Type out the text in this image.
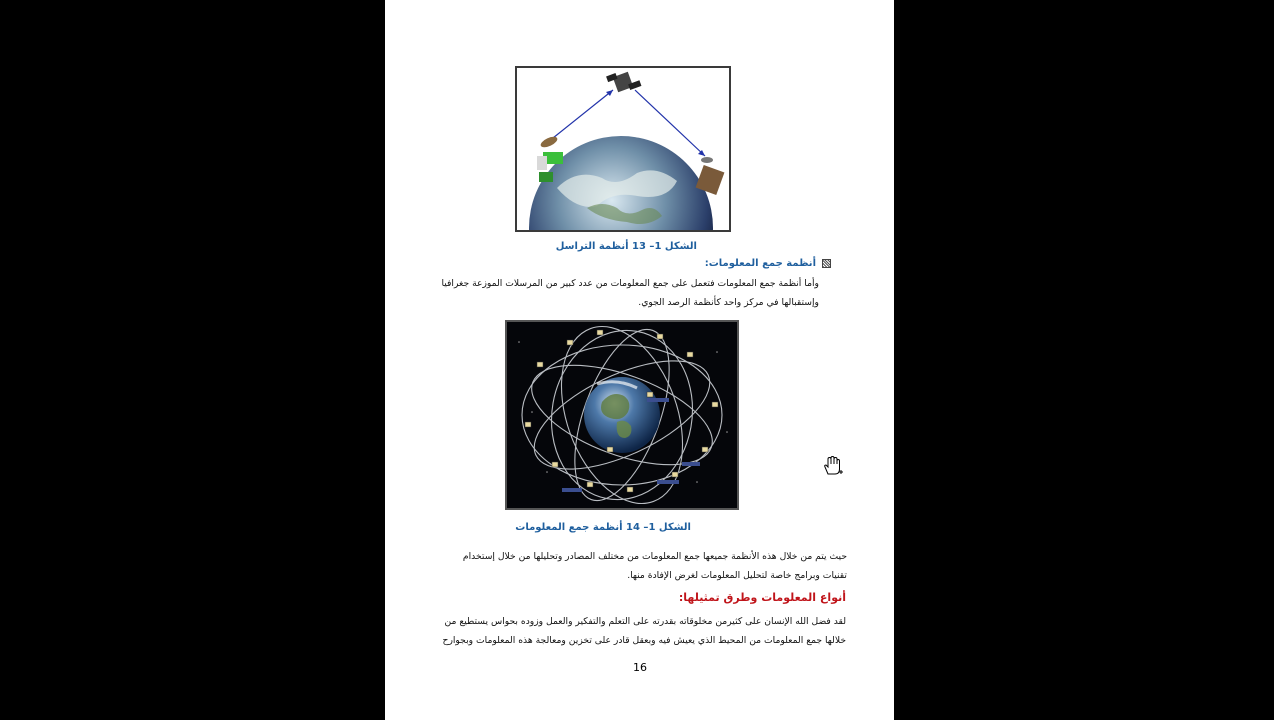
الشكل 1– 13 أنظمة التراسل
أنظمة جمع المعلومات:
وأما أنظمة جمع المعلومات فتعمل على جمع المعلومات من عدد كبير من المرسلات الموزعة جغرافيا
وإستقبالها في مركز واحد كأنظمة الرصد الجوي.
الشكل 1– 14 أنظمة جمع المعلومات
حيث يتم من خلال هذه الأنظمة جميعها جمع المعلومات من مختلف المصادر وتحليلها من خلال إستخدام
تقنيات وبرامج خاصة لتحليل المعلومات لغرض الإفادة منها.
أنواع المعلومات وطرق تمثيلها:
لقد فضل الله الإنسان على كثيرمن مخلوقاته بقدرته على التعلم والتفكير والعمل وزوده بحواس يستطيع من
خلالها جمع المعلومات من المحيط الذي يعيش فيه وبعقل قادر على تخزين ومعالجة هذه المعلومات وبجوارح
16
